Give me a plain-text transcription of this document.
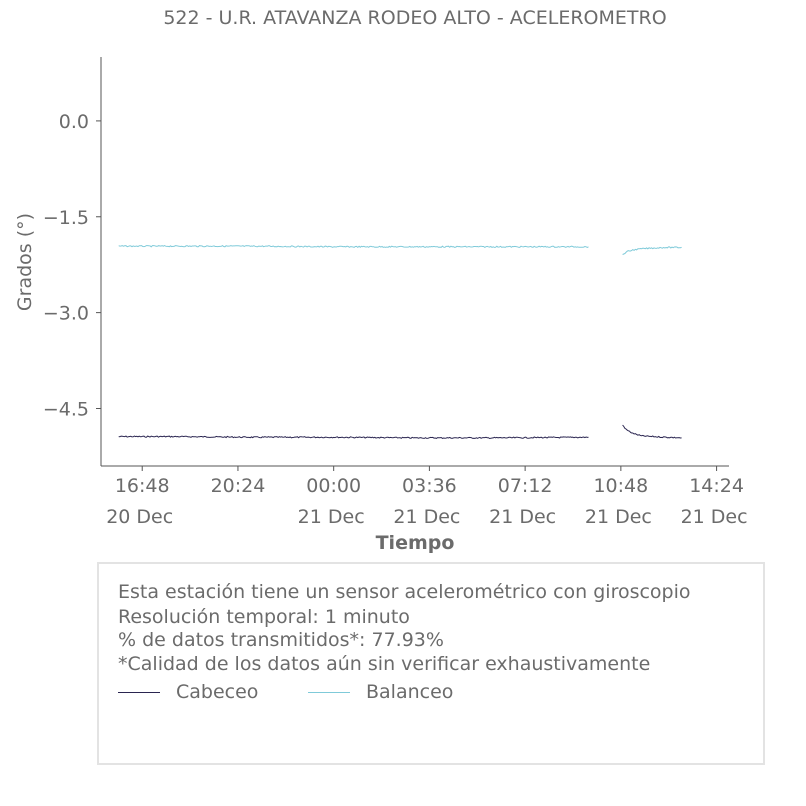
522 - U.R. ATAVANZA RODEO ALTO - ACELEROMETRO
0.0
−1.5
−3.0
−4.5
16:48
20 Dec
20:24 00:00
21 Dec
03:36
21 Dec
07:12
21 Dec
10:48
21 Dec
14:24
21 Dec
Tiempo
Grados (°)
Esta estación tiene un sensor acelerométrico con giroscopio
Resolución temporal: 1 minuto
% de datos transmitidos*: 77.93%
*Calidad de los datos aún sin verificar exhaustivamente
Cabeceo	Balanceo
